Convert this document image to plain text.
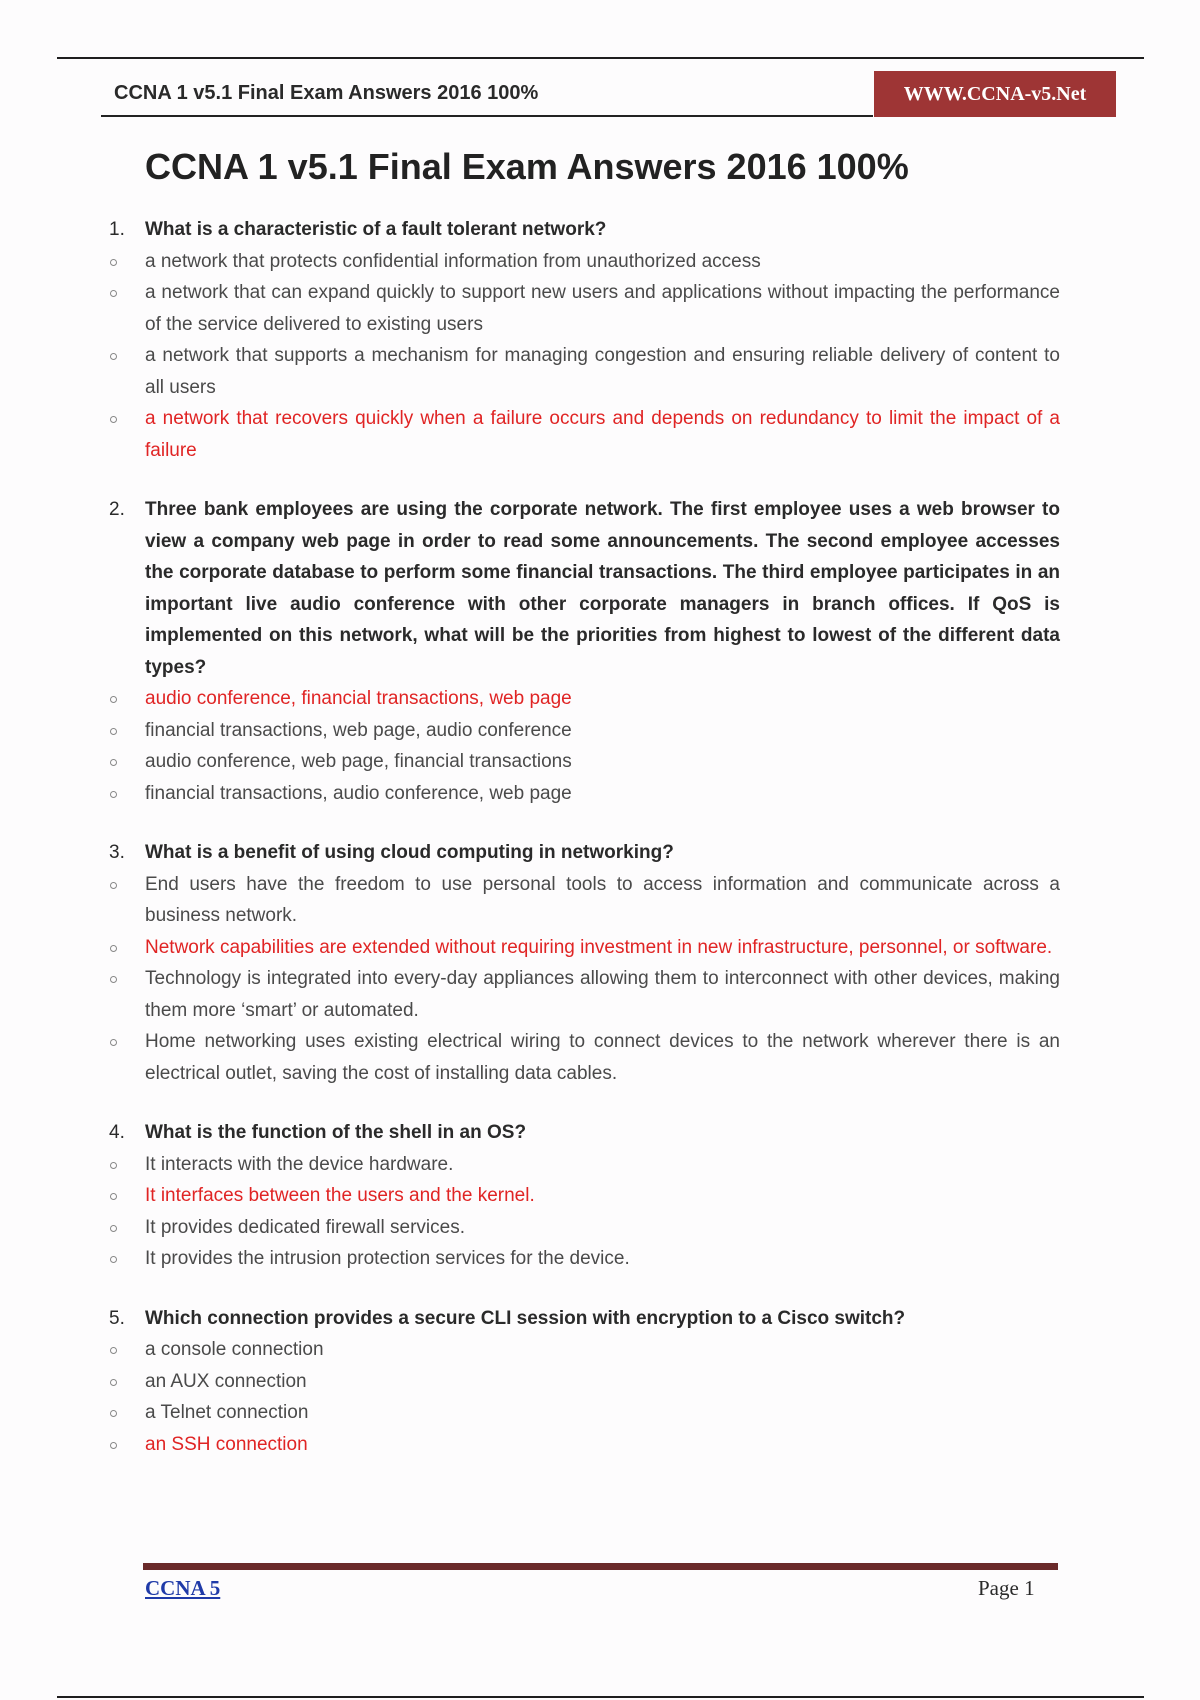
CCNA 1 v5.1 Final Exam Answers 2016 100%	WWW.CCNA-v5.Net
CCNA 1 v5.1 Final Exam Answers 2016 100%
1. What is a characteristic of a fault tolerant network?
a network that protects confidential information from unauthorized access
a network that can expand quickly to support new users and applications without impacting the performance of the service delivered to existing users
a network that supports a mechanism for managing congestion and ensuring reliable delivery of content to all users
a network that recovers quickly when a failure occurs and depends on redundancy to limit the impact of a failure
2. Three bank employees are using the corporate network. The first employee uses a web browser to view a company web page in order to read some announcements. The second employee accesses the corporate database to perform some financial transactions. The third employee participates in an important live audio conference with other corporate managers in branch offices. If QoS is implemented on this network, what will be the priorities from highest to lowest of the different data types?
audio conference, financial transactions, web page
financial transactions, web page, audio conference
audio conference, web page, financial transactions
financial transactions, audio conference, web page
3. What is a benefit of using cloud computing in networking?
End users have the freedom to use personal tools to access information and communicate across a business network.
Network capabilities are extended without requiring investment in new infrastructure, personnel, or software.
Technology is integrated into every-day appliances allowing them to interconnect with other devices, making them more ‘smart’ or automated.
Home networking uses existing electrical wiring to connect devices to the network wherever there is an electrical outlet, saving the cost of installing data cables.
4. What is the function of the shell in an OS?
It interacts with the device hardware.
It interfaces between the users and the kernel.
It provides dedicated firewall services.
It provides the intrusion protection services for the device.
5. Which connection provides a secure CLI session with encryption to a Cisco switch?
a console connection
an AUX connection
a Telnet connection
an SSH connection
CCNA 5	Page 1
